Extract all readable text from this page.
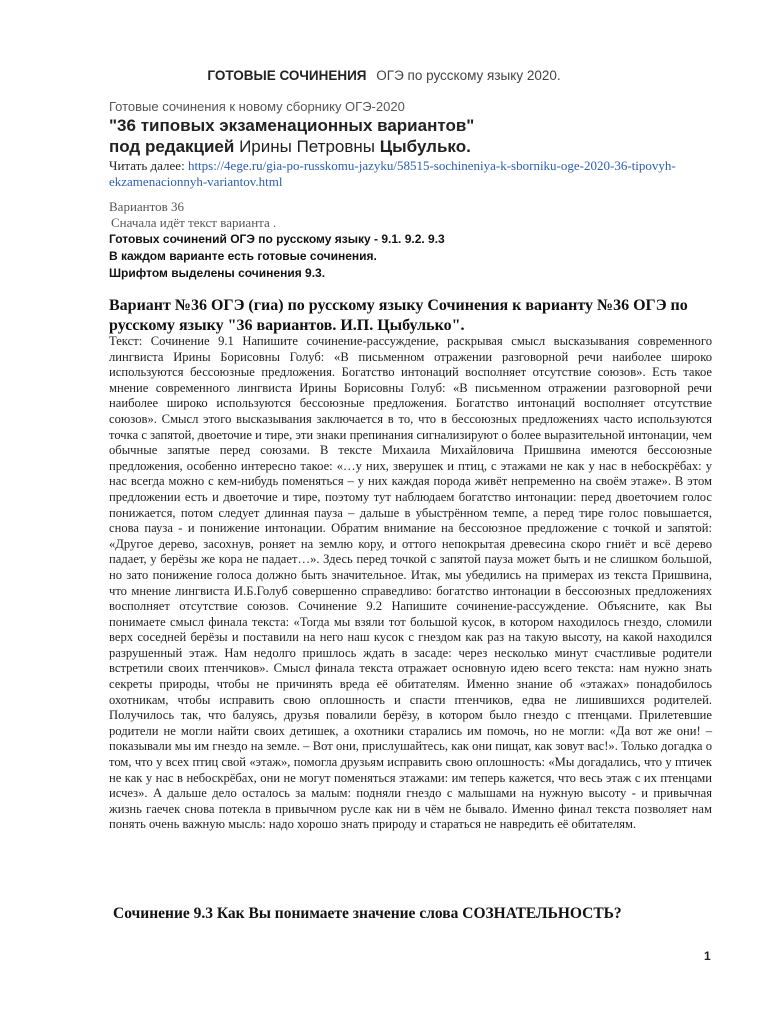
ГОТОВЫЕ СОЧИНЕНИЯ ОГЭ по русскому языку 2020.
Готовые сочинения к новому сборнику ОГЭ-2020
"36 типовых экзаменационных вариантов"
под редакцией Ирины Петровны Цыбулько.
Читать далее: https://4ege.ru/gia-po-russkomu-jazyku/58515-sochineniya-k-sborniku-oge-2020-36-tipovyh-ekzamenacionnyh-variantov.html
Вариантов 36
Сначала идёт текст варианта .
Готовых сочинений ОГЭ по русскому языку - 9.1. 9.2. 9.3
В каждом варианте есть готовые сочинения.
Шрифтом выделены сочинения 9.3.
Вариант №36 ОГЭ (гиа) по русскому языку Сочинения к варианту №36 ОГЭ по русскому языку "36 вариантов. И.П. Цыбулько".
Текст: Сочинение 9.1 Напишите сочинение-рассуждение, раскрывая смысл высказывания современного лингвиста Ирины Борисовны Голуб: «В письменном отражении разговорной речи наиболее широко используются бессоюзные предложения. Богатство интонаций восполняет отсутствие союзов». Есть такое мнение современного лингвиста Ирины Борисовны Голуб: «В письменном отражении разговорной речи наиболее широко используются бессоюзные предложения. Богатство интонаций восполняет отсутствие союзов». Смысл этого высказывания заключается в то, что в бессоюзных предложениях часто используются точка с запятой, двоеточие и тире, эти знаки препинания сигнализируют о более выразительной интонации, чем обычные запятые перед союзами. В тексте Михаила Михайловича Пришвина имеются бессоюзные предложения, особенно интересно такое: «…у них, зверушек и птиц, с этажами не как у нас в небоскрёбах: у нас всегда можно с кем-нибудь поменяться – у них каждая порода живёт непременно на своём этаже». В этом предложении есть и двоеточие и тире, поэтому тут наблюдаем богатство интонации: перед двоеточием голос понижается, потом следует длинная пауза – дальше в убыстрённом темпе, а перед тире голос повышается, снова пауза - и понижение интонации. Обратим внимание на бессоюзное предложение с точкой и запятой: «Другое дерево, засохнув, роняет на землю кору, и оттого непокрытая древесина скоро гниёт и всё дерево падает, у берёзы же кора не падает…». Здесь перед точкой с запятой пауза может быть и не слишком большой, но зато понижение голоса должно быть значительное. Итак, мы убедились на примерах из текста Пришвина, что мнение лингвиста И.Б.Голуб совершенно справедливо: богатство интонации в бессоюзных предложениях восполняет отсутствие союзов. Сочинение 9.2 Напишите сочинение-рассуждение. Объясните, как Вы понимаете смысл финала текста: «Тогда мы взяли тот большой кусок, в котором находилось гнездо, сломили верх соседней берёзы и поставили на него наш кусок с гнездом как раз на такую высоту, на какой находился разрушенный этаж. Нам недолго пришлось ждать в засаде: через несколько минут счастливые родители встретили своих птенчиков». Смысл финала текста отражает основную идею всего текста: нам нужно знать секреты природы, чтобы не причинять вреда её обитателям. Именно знание об «этажах» понадобилось охотникам, чтобы исправить свою оплошность и спасти птенчиков, едва не лишившихся родителей. Получилось так, что балуясь, друзья повалили берёзу, в котором было гнездо с птенцами. Прилетевшие родители не могли найти своих детишек, а охотники старались им помочь, но не могли: «Да вот же они! – показывали мы им гнездо на земле. – Вот они, прислушайтесь, как они пищат, как зовут вас!». Только догадка о том, что у всех птиц свой «этаж», помогла друзьям исправить свою оплошность: «Мы догадались, что у птичек не как у нас в небоскрёбах, они не могут поменяться этажами: им теперь кажется, что весь этаж с их птенцами исчез». А дальше дело осталось за малым: подняли гнездо с малышами на нужную высоту - и привычная жизнь гаечек снова потекла в привычном русле как ни в чём не бывало. Именно финал текста позволяет нам понять очень важную мысль: надо хорошо знать природу и стараться не навредить её обитателям.
Сочинение 9.3 Как Вы понимаете значение слова СОЗНАТЕЛЬНОСТЬ?
1
